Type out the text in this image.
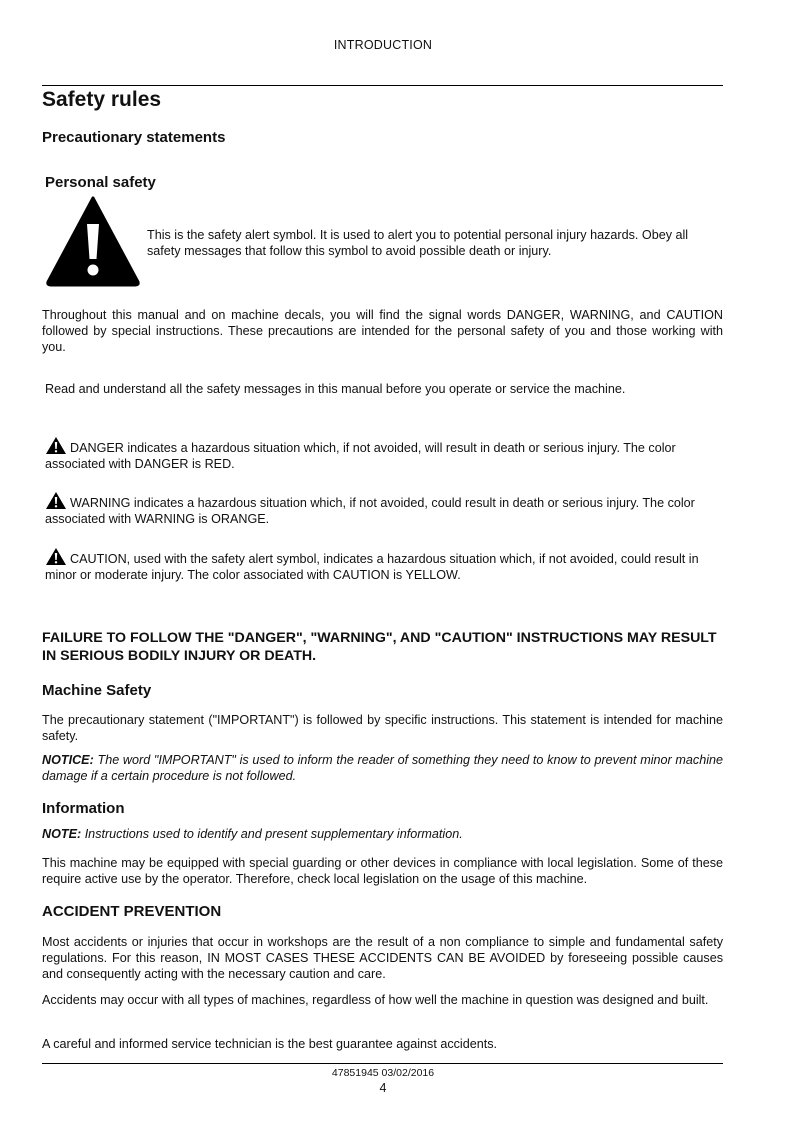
INTRODUCTION
Safety rules
Precautionary statements
Personal safety
This is the safety alert symbol. It is used to alert you to potential personal injury hazards. Obey all safety messages that follow this symbol to avoid possible death or injury.
Throughout this manual and on machine decals, you will find the signal words DANGER, WARNING, and CAUTION followed by special instructions. These precautions are intended for the personal safety of you and those working with you.
Read and understand all the safety messages in this manual before you operate or service the machine.
DANGER indicates a hazardous situation which, if not avoided, will result in death or serious injury. The color associated with DANGER is RED.
WARNING indicates a hazardous situation which, if not avoided, could result in death or serious injury. The color associated with WARNING is ORANGE.
CAUTION, used with the safety alert symbol, indicates a hazardous situation which, if not avoided, could result in minor or moderate injury. The color associated with CAUTION is YELLOW.
FAILURE TO FOLLOW THE "DANGER", "WARNING", AND "CAUTION" INSTRUCTIONS MAY RESULT IN SERIOUS BODILY INJURY OR DEATH.
Machine Safety
The precautionary statement ("IMPORTANT") is followed by specific instructions. This statement is intended for machine safety.
NOTICE: The word "IMPORTANT" is used to inform the reader of something they need to know to prevent minor machine damage if a certain procedure is not followed.
Information
NOTE: Instructions used to identify and present supplementary information.
This machine may be equipped with special guarding or other devices in compliance with local legislation. Some of these require active use by the operator. Therefore, check local legislation on the usage of this machine.
ACCIDENT PREVENTION
Most accidents or injuries that occur in workshops are the result of a non compliance to simple and fundamental safety regulations. For this reason, IN MOST CASES THESE ACCIDENTS CAN BE AVOIDED by foreseeing possible causes and consequently acting with the necessary caution and care.
Accidents may occur with all types of machines, regardless of how well the machine in question was designed and built.
A careful and informed service technician is the best guarantee against accidents.
47851945 03/02/2016
4
